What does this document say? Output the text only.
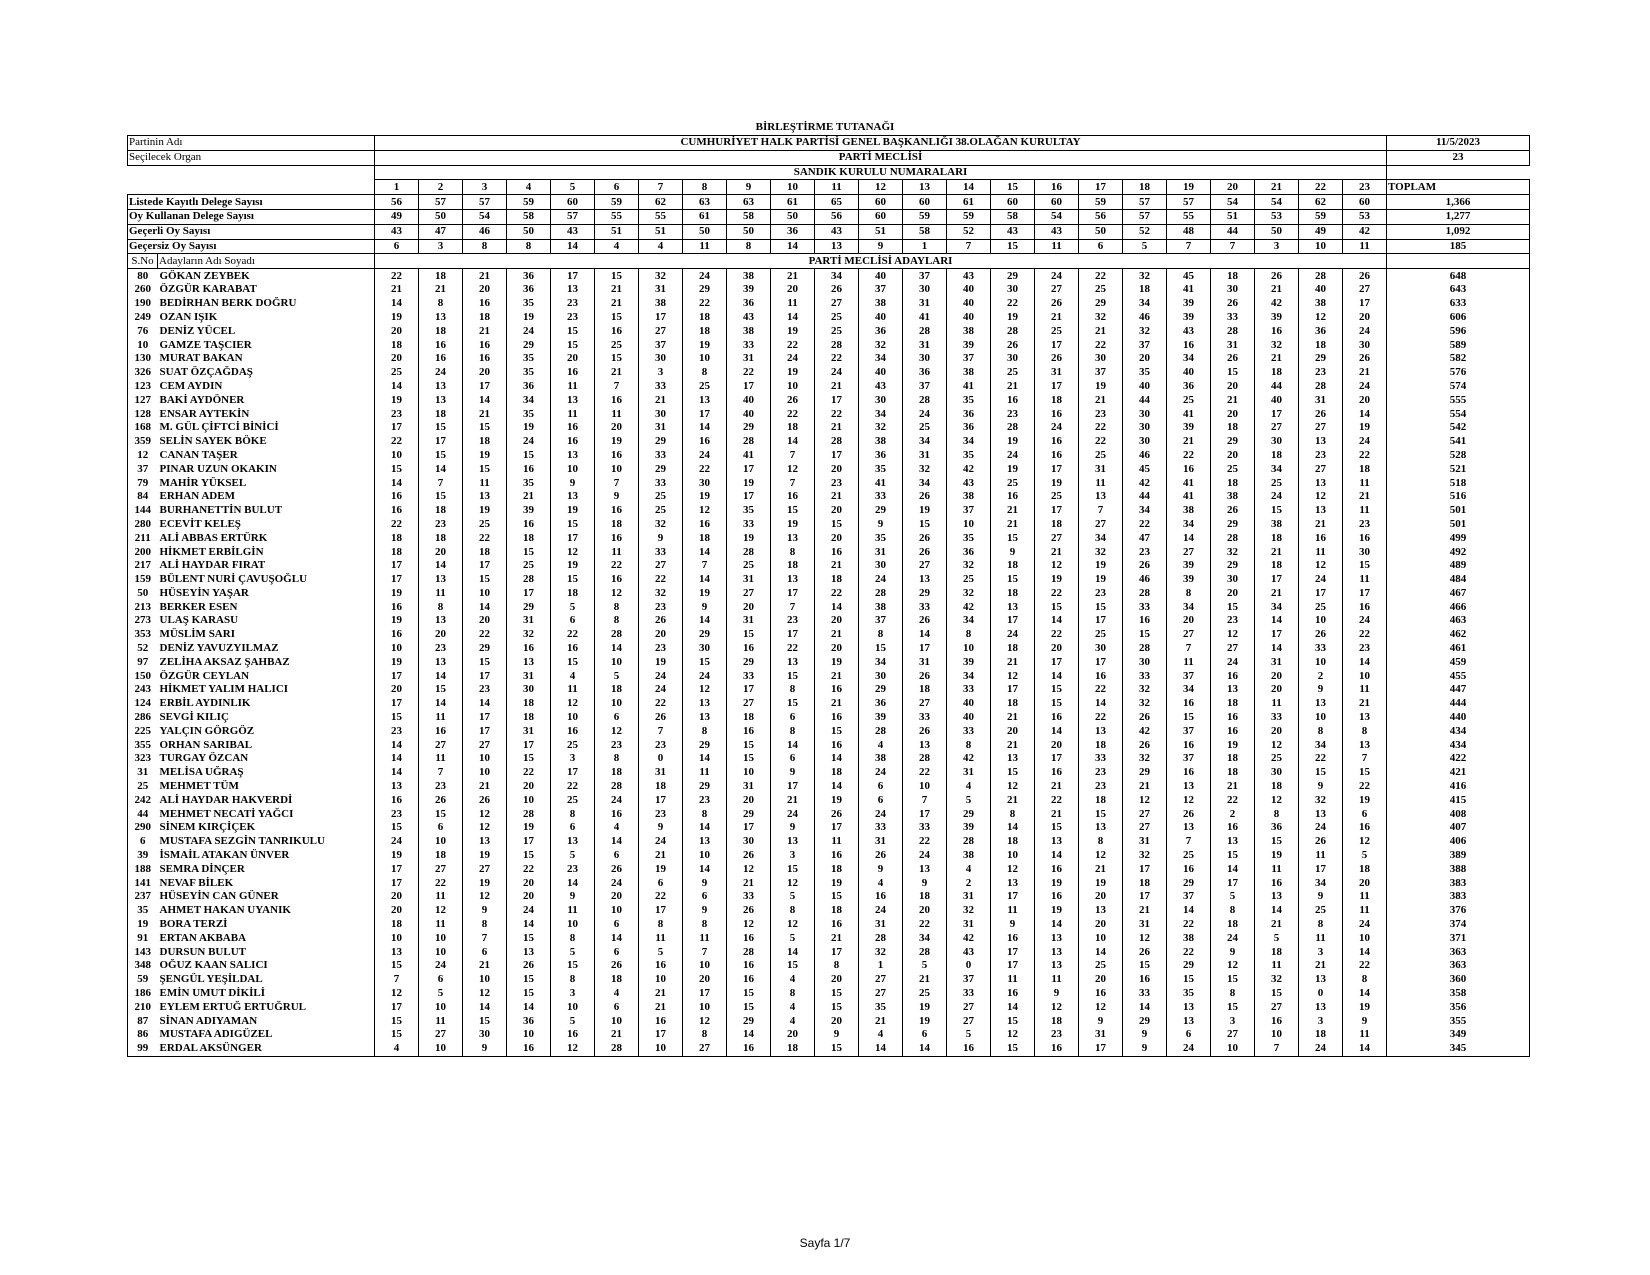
BİRLEŞTİRME TUTANAĞI
Partinin Adı		CUMHURİYET HALK PARTİSİ GENEL BAŞKANLIĞI 38.OLAĞAN KURULTAY																							11/5/2023
Seçilecek Organ		PARTİ MECLİSİ																							23
		SANDIK KURULU NUMARALARI																							
		1	2	3	4	5	6	7	8	9	10	11	12	13	14	15	16	17	18	19	20	21	22	23	TOPLAM
Listede Kayıtlı Delege Sayısı		56	57	57	59	60	59	62	63	63	61	65	60	60	61	60	60	59	57	57	54	54	62	60	1,366
Oy Kullanan Delege Sayısı		49	50	54	58	57	55	55	61	58	50	56	60	59	59	58	54	56	57	55	51	53	59	53	1,277
Geçerli Oy Sayısı		43	47	46	50	43	51	51	50	50	36	43	51	58	52	43	43	50	52	48	44	50	49	42	1,092
Geçersiz Oy Sayısı		6	3	8	8	14	4	4	11	8	14	13	9	1	7	15	11	6	5	7	7	3	10	11	185
S.No	Adayların Adı Soyadı	PARTİ MECLİSİ ADAYLARI																							
80	GÖKAN ZEYBEK	22	18	21	36	17	15	32	24	38	21	34	40	37	43	29	24	22	32	45	18	26	28	26	648
260	ÖZGÜR KARABAT	21	21	20	36	13	21	31	29	39	20	26	37	30	40	30	27	25	18	41	30	21	40	27	643
190	BEDİRHAN BERK DOĞRU	14	8	16	35	23	21	38	22	36	11	27	38	31	40	22	26	29	34	39	26	42	38	17	633
249	OZAN IŞIK	19	13	18	19	23	15	17	18	43	14	25	40	41	40	19	21	32	46	39	33	39	12	20	606
76	DENİZ YÜCEL	20	18	21	24	15	16	27	18	38	19	25	36	28	38	28	25	21	32	43	28	16	36	24	596
10	GAMZE TAŞCIER	18	16	16	29	15	25	37	19	33	22	28	32	31	39	26	17	22	37	16	31	32	18	30	589
130	MURAT BAKAN	20	16	16	35	20	15	30	10	31	24	22	34	30	37	30	26	30	20	34	26	21	29	26	582
326	SUAT ÖZÇAĞDAŞ	25	24	20	35	16	21	3	8	22	19	24	40	36	38	25	31	37	35	40	15	18	23	21	576
123	CEM AYDIN	14	13	17	36	11	7	33	25	17	10	21	43	37	41	21	17	19	40	36	20	44	28	24	574
127	BAKİ AYDÖNER	19	13	14	34	13	16	21	13	40	26	17	30	28	35	16	18	21	44	25	21	40	31	20	555
128	ENSAR AYTEKİN	23	18	21	35	11	11	30	17	40	22	22	34	24	36	23	16	23	30	41	20	17	26	14	554
168	M. GÜL ÇİFTCİ BİNİCİ	17	15	15	19	16	20	31	14	29	18	21	32	25	36	28	24	22	30	39	18	27	27	19	542
359	SELİN SAYEK BÖKE	22	17	18	24	16	19	29	16	28	14	28	38	34	34	19	16	22	30	21	29	30	13	24	541
12	CANAN TAŞER	10	15	19	15	13	16	33	24	41	7	17	36	31	35	24	16	25	46	22	20	18	23	22	528
37	PINAR UZUN OKAKIN	15	14	15	16	10	10	29	22	17	12	20	35	32	42	19	17	31	45	16	25	34	27	18	521
79	MAHİR YÜKSEL	14	7	11	35	9	7	33	30	19	7	23	41	34	43	25	19	11	42	41	18	25	13	11	518
84	ERHAN ADEM	16	15	13	21	13	9	25	19	17	16	21	33	26	38	16	25	13	44	41	38	24	12	21	516
144	BURHANETTİN BULUT	16	18	19	39	19	16	25	12	35	15	20	29	19	37	21	17	7	34	38	26	15	13	11	501
280	ECEVİT KELEŞ	22	23	25	16	15	18	32	16	33	19	15	9	15	10	21	18	27	22	34	29	38	21	23	501
211	ALİ ABBAS ERTÜRK	18	18	22	18	17	16	9	18	19	13	20	35	26	35	15	27	34	47	14	28	18	16	16	499
200	HİKMET ERBİLGİN	18	20	18	15	12	11	33	14	28	8	16	31	26	36	9	21	32	23	27	32	21	11	30	492
217	ALİ HAYDAR FIRAT	17	14	17	25	19	22	27	7	25	18	21	30	27	32	18	12	19	26	39	29	18	12	15	489
159	BÜLENT NURİ ÇAVUŞOĞLU	17	13	15	28	15	16	22	14	31	13	18	24	13	25	15	19	19	46	39	30	17	24	11	484
50	HÜSEYİN YAŞAR	19	11	10	17	18	12	32	19	27	17	22	28	29	32	18	22	23	28	8	20	21	17	17	467
213	BERKER ESEN	16	8	14	29	5	8	23	9	20	7	14	38	33	42	13	15	15	33	34	15	34	25	16	466
273	ULAŞ KARASU	19	13	20	31	6	8	26	14	31	23	20	37	26	34	17	14	17	16	20	23	14	10	24	463
353	MÜSLİM SARI	16	20	22	32	22	28	20	29	15	17	21	8	14	8	24	22	25	15	27	12	17	26	22	462
52	DENİZ YAVUZYILMAZ	10	23	29	16	16	14	23	30	16	22	20	15	17	10	18	20	30	28	7	27	14	33	23	461
97	ZELİHA AKSAZ ŞAHBAZ	19	13	15	13	15	10	19	15	29	13	19	34	31	39	21	17	17	30	11	24	31	10	14	459
150	ÖZGÜR CEYLAN	17	14	17	31	4	5	24	24	33	15	21	30	26	34	12	14	16	33	37	16	20	2	10	455
243	HİKMET YALIM HALICI	20	15	23	30	11	18	24	12	17	8	16	29	18	33	17	15	22	32	34	13	20	9	11	447
124	ERBİL AYDINLIK	17	14	14	18	12	10	22	13	27	15	21	36	27	40	18	15	14	32	16	18	11	13	21	444
286	SEVGİ KILIÇ	15	11	17	18	10	6	26	13	18	6	16	39	33	40	21	16	22	26	15	16	33	10	13	440
225	YALÇIN GÖRGÖZ	23	16	17	31	16	12	7	8	16	8	15	28	26	33	20	14	13	42	37	16	20	8	8	434
355	ORHAN SARIBAL	14	27	27	17	25	23	23	29	15	14	16	4	13	8	21	20	18	26	16	19	12	34	13	434
323	TURGAY ÖZCAN	14	11	10	15	3	8	0	14	15	6	14	38	28	42	13	17	33	32	37	18	25	22	7	422
31	MELİSA UĞRAŞ	14	7	10	22	17	18	31	11	10	9	18	24	22	31	15	16	23	29	16	18	30	15	15	421
25	MEHMET TÜM	13	23	21	20	22	28	18	29	31	17	14	6	10	4	12	21	23	21	13	21	18	9	22	416
242	ALİ HAYDAR HAKVERDİ	16	26	26	10	25	24	17	23	20	21	19	6	7	5	21	22	18	12	12	22	12	32	19	415
44	MEHMET NECATİ YAĞCI	23	15	12	28	8	16	23	8	29	24	26	24	17	29	8	21	15	27	26	2	8	13	6	408
290	SİNEM KIRÇİÇEK	15	6	12	19	6	4	9	14	17	9	17	33	33	39	14	15	13	27	13	16	36	24	16	407
6	MUSTAFA SEZGİN TANRIKULU	24	10	13	17	13	14	24	13	30	13	11	31	22	28	18	13	8	31	7	13	15	26	12	406
39	İSMAİL ATAKAN ÜNVER	19	18	19	15	5	6	21	10	26	3	16	26	24	38	10	14	12	32	25	15	19	11	5	389
188	SEMRA DİNÇER	17	27	27	22	23	26	19	14	12	15	18	9	13	4	12	16	21	17	16	14	11	17	18	388
141	NEVAF BİLEK	17	22	19	20	14	24	6	9	21	12	19	4	9	2	13	19	19	18	29	17	16	34	20	383
237	HÜSEYİN CAN GÜNER	20	11	12	20	9	20	22	6	33	5	15	16	18	31	17	16	20	17	37	5	13	9	11	383
35	AHMET HAKAN UYANIK	20	12	9	24	11	10	17	9	26	8	18	24	20	32	11	19	13	21	14	8	14	25	11	376
19	BORA TERZİ	18	11	8	14	10	6	8	8	12	12	16	31	22	31	9	14	20	31	22	18	21	8	24	374
91	ERTAN AKBABA	10	10	7	15	8	14	11	11	16	5	21	28	34	42	16	13	10	12	38	24	5	11	10	371
143	DURSUN BULUT	13	10	6	13	5	6	5	7	28	14	17	32	28	43	17	13	14	26	22	9	18	3	14	363
348	OĞUZ KAAN SALICI	15	24	21	26	15	26	16	10	16	15	8	1	5	0	17	13	25	15	29	12	11	21	22	363
59	ŞENGÜL YEŞİLDAL	7	6	10	15	8	18	10	20	16	4	20	27	21	37	11	11	20	16	15	15	32	13	8	360
186	EMİN UMUT DİKİLİ	12	5	12	15	3	4	21	17	15	8	15	27	25	33	16	9	16	33	35	8	15	0	14	358
210	EYLEM ERTUĞ ERTUĞRUL	17	10	14	14	10	6	21	10	15	4	15	35	19	27	14	12	12	14	13	15	27	13	19	356
87	SİNAN ADIYAMAN	15	11	15	36	5	10	16	12	29	4	20	21	19	27	15	18	9	29	13	3	16	3	9	355
86	MUSTAFA ADIGÜZEL	15	27	30	10	16	21	17	8	14	20	9	4	6	5	12	23	31	9	6	27	10	18	11	349
99	ERDAL AKSÜNGER	4	10	9	16	12	28	10	27	16	18	15	14	14	16	15	16	17	9	24	10	7	24	14	345
Sayfa 1/7
